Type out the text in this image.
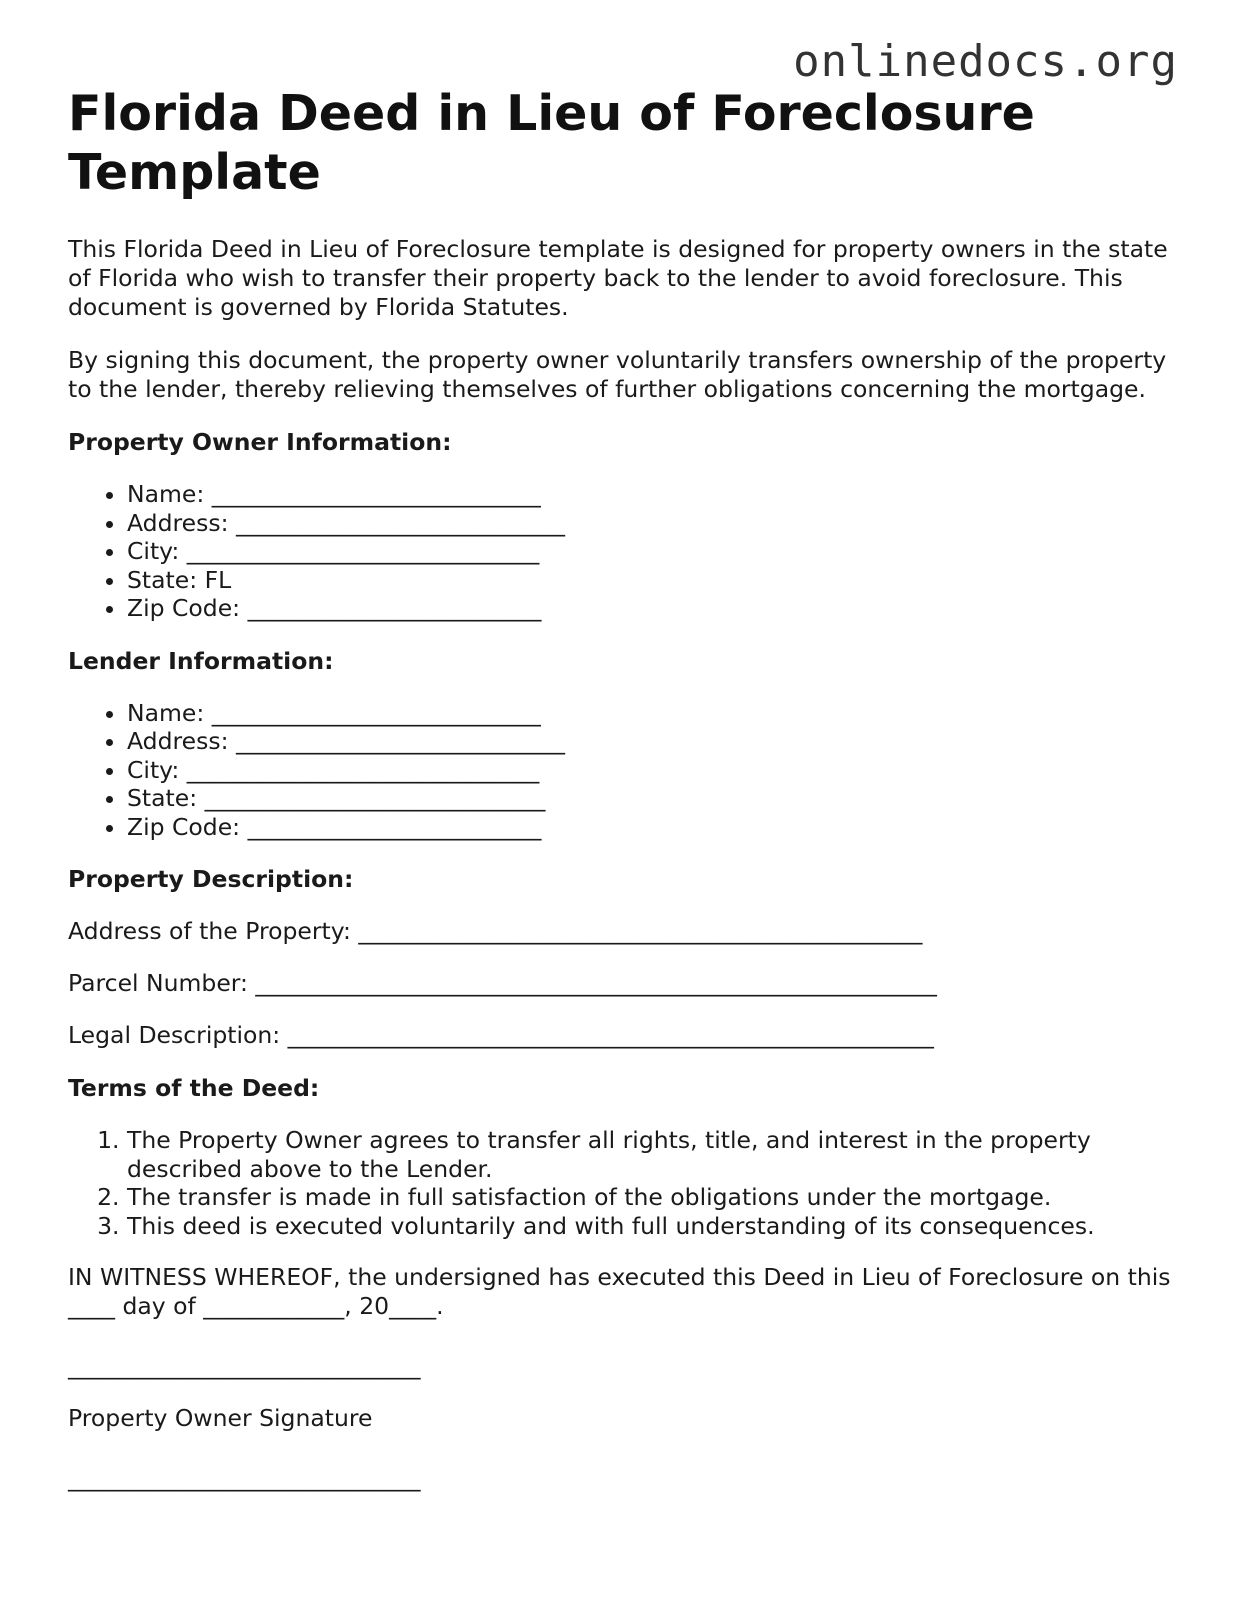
onlinedocs.org
Florida Deed in Lieu of Foreclosure Template

This Florida Deed in Lieu of Foreclosure template is designed for property owners in the state of Florida who wish to transfer their property back to the lender to avoid foreclosure. This document is governed by Florida Statutes.

By signing this document, the property owner voluntarily transfers ownership of the property to the lender, thereby relieving themselves of further obligations concerning the mortgage.

Property Owner Information:
• Name: ____________________________
• Address: ____________________________
• City: ______________________________
• State: FL
• Zip Code: _________________________
Lender Information:
• Name: ____________________________
• Address: ____________________________
• City: ______________________________
• State: _____________________________
• Zip Code: _________________________
Property Description:

Address of the Property: ________________________________________________

Parcel Number: __________________________________________________________

Legal Description: _______________________________________________________

Terms of the Deed:
1. The Property Owner agrees to transfer all rights, title, and interest in the property described above to the Lender.
2. The transfer is made in full satisfaction of the obligations under the mortgage.
3. This deed is executed voluntarily and with full understanding of its consequences.

IN WITNESS WHEREOF, the undersigned has executed this Deed in Lieu of Foreclosure on this ____ day of ____________, 20____.

______________________________

Property Owner Signature

______________________________
